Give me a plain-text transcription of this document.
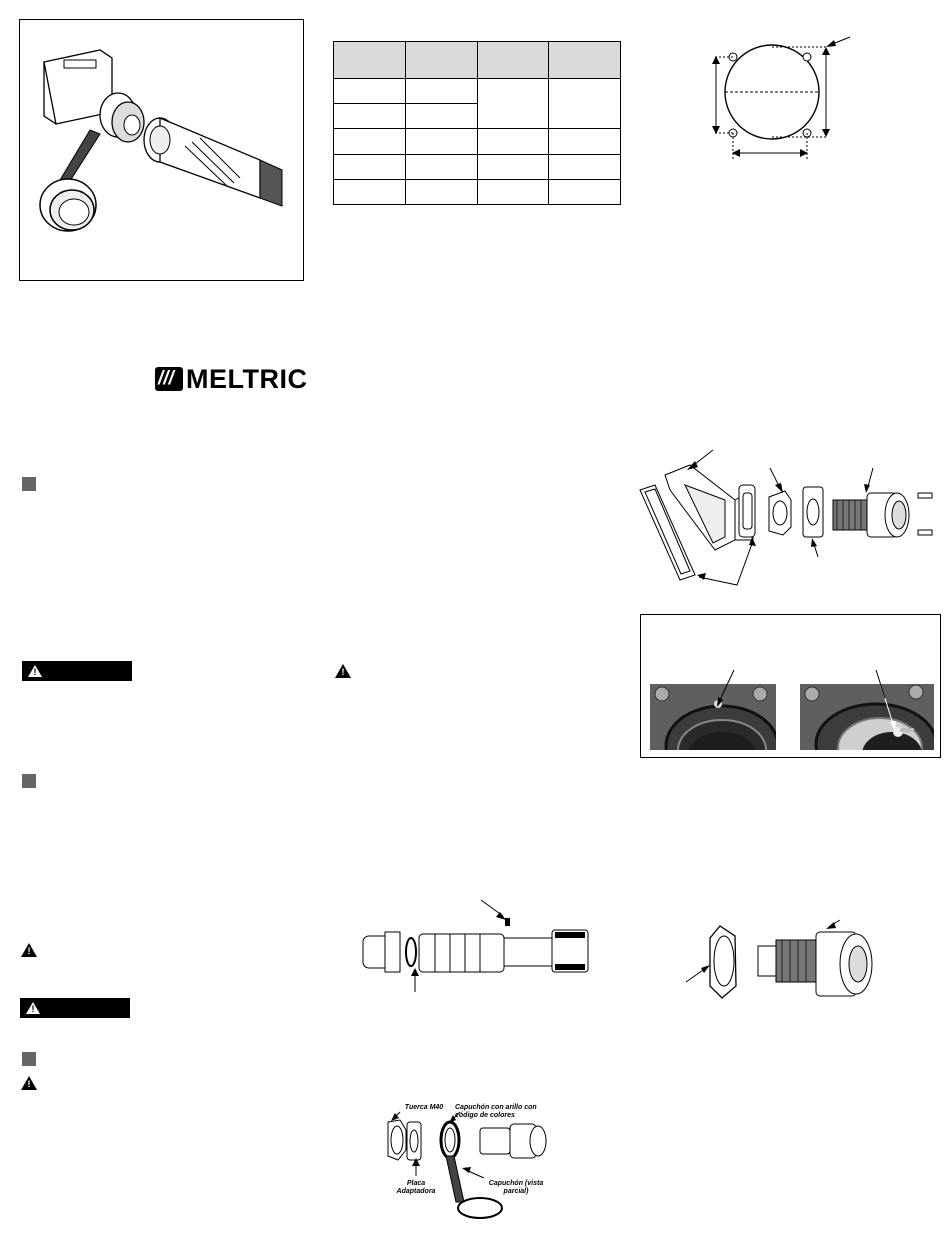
/// MELTRIC
!	!
!
!
!
Tuerca M40	Capuchón con arillo con código de colores
Placa Adaptadora
Capuchón (vista parcial)
